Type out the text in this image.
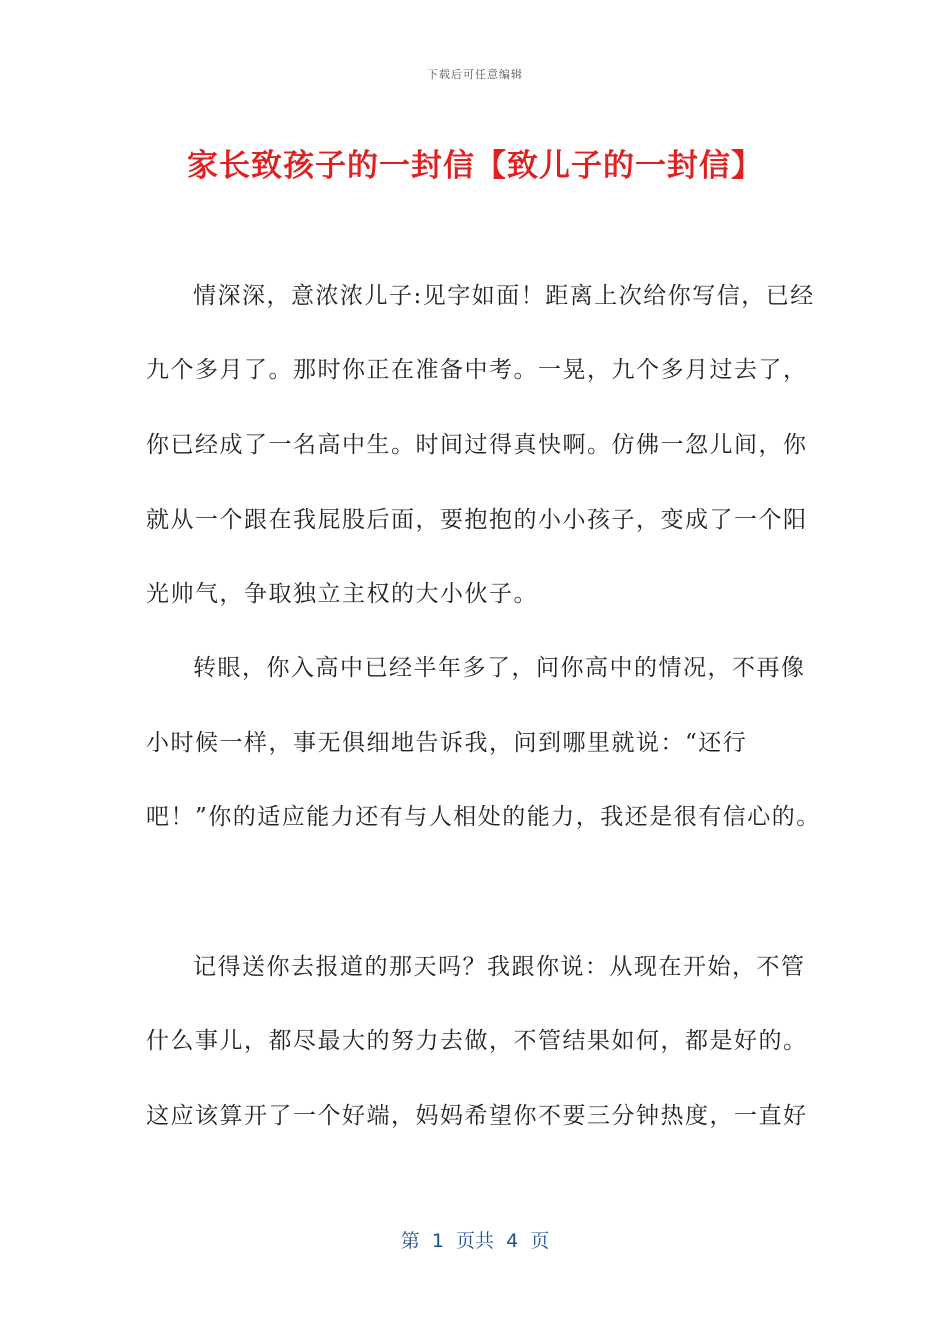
下载后可任意编辑
家长致孩子的一封信【致儿子的一封信】
情深深，意浓浓儿子:见字如面！距离上次给你写信，已经
九个多月了。那时你正在准备中考。一晃，九个多月过去了，
你已经成了一名高中生。时间过得真快啊。仿佛一忽儿间，你
就从一个跟在我屁股后面，要抱抱的小小孩子，变成了一个阳
光帅气，争取独立主权的大小伙子。
转眼，你入高中已经半年多了，问你高中的情况，不再像
小时候一样，事无俱细地告诉我，问到哪里就说：“还行
吧！”你的适应能力还有与人相处的能力，我还是很有信心的。
记得送你去报道的那天吗？我跟你说：从现在开始，不管
什么事儿，都尽最大的努力去做，不管结果如何，都是好的。
这应该算开了一个好端，妈妈希望你不要三分钟热度，一直好
第  1  页共  4  页
